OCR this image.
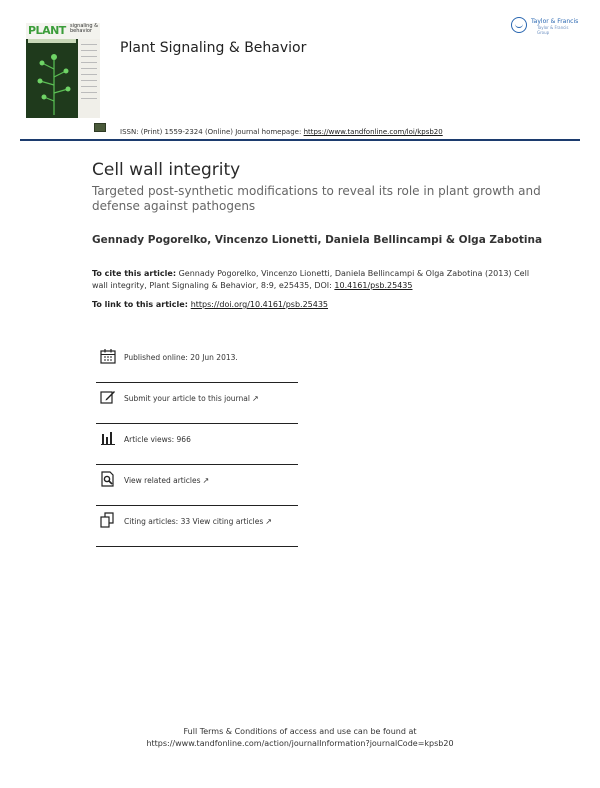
PLANT signaling & behavior
Plant Signaling & Behavior
Taylor & Francis
Taylor & Francis Group
ISSN: (Print) 1559-2324 (Online) Journal homepage: https://www.tandfonline.com/loi/kpsb20
Cell wall integrity
Targeted post-synthetic modifications to reveal its role in plant growth and defense against pathogens
Gennady Pogorelko, Vincenzo Lionetti, Daniela Bellincampi & Olga Zabotina
To cite this article: Gennady Pogorelko, Vincenzo Lionetti, Daniela Bellincampi & Olga Zabotina (2013) Cell wall integrity, Plant Signaling & Behavior, 8:9, e25435, DOI: 10.4161/psb.25435
To link to this article: https://doi.org/10.4161/psb.25435
Published online: 20 Jun 2013.
Submit your article to this journal ↗
Article views: 966
View related articles ↗
Citing articles: 33 View citing articles ↗
Full Terms & Conditions of access and use can be found at
https://www.tandfonline.com/action/journalInformation?journalCode=kpsb20
